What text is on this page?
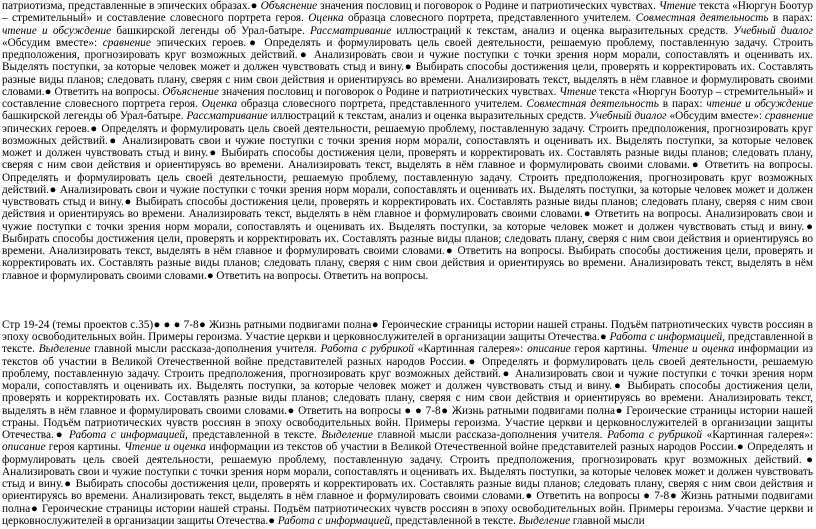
патриотизма, представленные в эпических образах.● Объяснение значения пословиц и поговорок о Родине и патриотических чувствах. Чтение текста «Нюргун Боотур – стремительный» и составление словесного портрета героя. Оценка образца словесного портрета, представленного учителем. Совместная деятельность в парах: чтение и обсуждение башкирской легенды об Урал-батыре. Рассматривание иллюстраций к текстам, анализ и оценка выразительных средств. Учебный диалог «Обсудим вместе»: сравнение эпических героев.● Определять и формулировать цель своей деятельности, решаемую проблему, поставленную задачу. Строить предположения, прогнозировать круг возможных действий.● Анализировать свои и чужие поступки с точки зрения норм морали, сопоставлять и оценивать их. Выделять поступки, за которые человек может и должен чувствовать стыд и вину.● Выбирать способы достижения цели, проверять и корректировать их. Составлять разные виды планов; следовать плану, сверяя с ним свои действия и ориентируясь во времени. Анализировать текст, выделять в нём главное и формулировать своими словами.● Ответить на вопросы. Объяснение значения пословиц и поговорок о Родине и патриотических чувствах. Чтение текста «Нюргун Боотур – стремительный» и составление словесного портрета героя. Оценка образца словесного портрета, представленного учителем. Совместная деятельность в парах: чтение и обсуждение башкирской легенды об Урал-батыре. Рассматривание иллюстраций к текстам, анализ и оценка выразительных средств. Учебный диалог «Обсудим вместе»: сравнение эпических героев.● Определять и формулировать цель своей деятельности, решаемую проблему, поставленную задачу. Строить предположения, прогнозировать круг возможных действий.● Анализировать свои и чужие поступки с точки зрения норм морали, сопоставлять и оценивать их. Выделять поступки, за которые человек может и должен чувствовать стыд и вину.● Выбирать способы достижения цели, проверять и корректировать их. Составлять разные виды планов; следовать плану, сверяя с ним свои действия и ориентируясь во времени. Анализировать текст, выделять в нём главное и формулировать своими словами.● Ответить на вопросы. Определять и формулировать цель своей деятельности, решаемую проблему, поставленную задачу. Строить предположения, прогнозировать круг возможных действий.● Анализировать свои и чужие поступки с точки зрения норм морали, сопоставлять и оценивать их. Выделять поступки, за которые человек может и должен чувствовать стыд и вину.● Выбирать способы достижения цели, проверять и корректировать их. Составлять разные виды планов; следовать плану, сверяя с ним свои действия и ориентируясь во времени. Анализировать текст, выделять в нём главное и формулировать своими словами.● Ответить на вопросы. Анализировать свои и чужие поступки с точки зрения норм морали, сопоставлять и оценивать их. Выделять поступки, за которые человек может и должен чувствовать стыд и вину.● Выбирать способы достижения цели, проверять и корректировать их. Составлять разные виды планов; следовать плану, сверяя с ним свои действия и ориентируясь во времени. Анализировать текст, выделять в нём главное и формулировать своими словами.● Ответить на вопросы. Выбирать способы достижения цели, проверять и корректировать их. Составлять разные виды планов; следовать плану, сверяя с ним свои действия и ориентируясь во времени. Анализировать текст, выделять в нём главное и формулировать своими словами.● Ответить на вопросы. Ответить на вопросы.

Стр 19-24 (темы проектов с.35)● ● ● 7-8● Жизнь ратными подвигами полна● Героические страницы истории нашей страны. Подъём патриотических чувств россиян в эпоху освободительных войн. Примеры героизма. Участие церкви и церковнослужителей в организации защиты Отечества.● Работа с информацией, представленной в тексте. Выделение главной мысли рассказа-дополнения учителя. Работа с рубрикой «Картинная галерея»: описание героя картины. Чтение и оценка информации из текстов об участии в Великой Отечественной войне представителей разных народов России.● Определять и формулировать цель своей деятельности, решаемую проблему, поставленную задачу. Строить предположения, прогнозировать круг возможных действий.● Анализировать свои и чужие поступки с точки зрения норм морали, сопоставлять и оценивать их. Выделять поступки, за которые человек может и должен чувствовать стыд и вину.● Выбирать способы достижения цели, проверять и корректировать их. Составлять разные виды планов; следовать плану, сверяя с ним свои действия и ориентируясь во времени. Анализировать текст, выделять в нём главное и формулировать своими словами.● Ответить на вопросы ● ● 7-8● Жизнь ратными подвигами полна● Героические страницы истории нашей страны. Подъём патриотических чувств россиян в эпоху освободительных войн. Примеры героизма. Участие церкви и церковнослужителей в организации защиты Отечества.● Работа с информацией, представленной в тексте. Выделение главной мысли рассказа-дополнения учителя. Работа с рубрикой «Картинная галерея»: описание героя картины. Чтение и оценка информации из текстов об участии в Великой Отечественной войне представителей разных народов России.● Определять и формулировать цель своей деятельности, решаемую проблему, поставленную задачу. Строить предположения, прогнозировать круг возможных действий.● Анализировать свои и чужие поступки с точки зрения норм морали, сопоставлять и оценивать их. Выделять поступки, за которые человек может и должен чувствовать стыд и вину.● Выбирать способы достижения цели, проверять и корректировать их. Составлять разные виды планов; следовать плану, сверяя с ним свои действия и ориентируясь во времени. Анализировать текст, выделять в нём главное и формулировать своими словами.● Ответить на вопросы ● 7-8● Жизнь ратными подвигами полна● Героические страницы истории нашей страны. Подъём патриотических чувств россиян в эпоху освободительных войн. Примеры героизма. Участие церкви и церковнослужителей в организации защиты Отечества.● Работа с информацией, представленной в тексте. Выделение главной мысли
